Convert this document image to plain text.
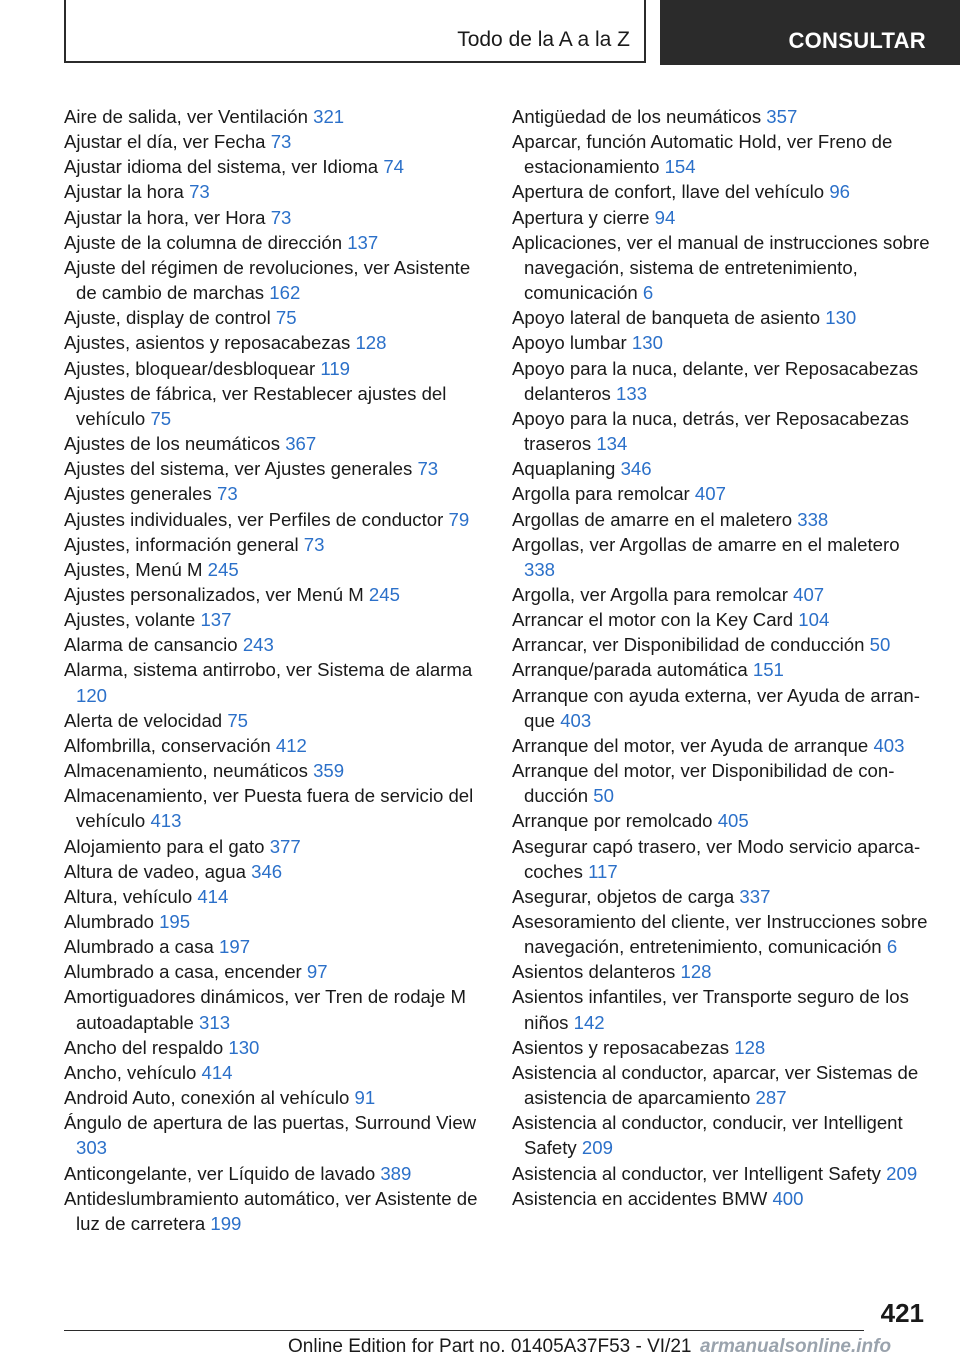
Todo de la A a la Z	CONSULTAR
Aire de salida, ver Ventilación 321
Ajustar el día, ver Fecha 73
Ajustar idioma del sistema, ver Idioma 74
Ajustar la hora 73
Ajustar la hora, ver Hora 73
Ajuste de la columna de dirección 137
Ajuste del régimen de revoluciones, ver Asistente de cambio de marchas 162
Ajuste, display de control 75
Ajustes, asientos y reposacabezas 128
Ajustes, bloquear/desbloquear 119
Ajustes de fábrica, ver Restablecer ajustes del vehículo 75
Ajustes de los neumáticos 367
Ajustes del sistema, ver Ajustes generales 73
Ajustes generales 73
Ajustes individuales, ver Perfiles de conductor 79
Ajustes, información general 73
Ajustes, Menú M 245
Ajustes personalizados, ver Menú M 245
Ajustes, volante 137
Alarma de cansancio 243
Alarma, sistema antirrobo, ver Sistema de alarma 120
Alerta de velocidad 75
Alfombrilla, conservación 412
Almacenamiento, neumáticos 359
Almacenamiento, ver Puesta fuera de servicio del vehículo 413
Alojamiento para el gato 377
Altura de vadeo, agua 346
Altura, vehículo 414
Alumbrado 195
Alumbrado a casa 197
Alumbrado a casa, encender 97
Amortiguadores dinámicos, ver Tren de rodaje M autoadaptable 313
Ancho del respaldo 130
Ancho, vehículo 414
Android Auto, conexión al vehículo 91
Ángulo de apertura de las puertas, Surround View 303
Anticongelante, ver Líquido de lavado 389
Antideslumbramiento automático, ver Asistente de luz de carretera 199
Antigüedad de los neumáticos 357
Aparcar, función Automatic Hold, ver Freno de estacionamiento 154
Apertura de confort, llave del vehículo 96
Apertura y cierre 94
Aplicaciones, ver el manual de instrucciones sobre navegación, sistema de entretenimiento, comunicación 6
Apoyo lateral de banqueta de asiento 130
Apoyo lumbar 130
Apoyo para la nuca, delante, ver Reposacabezas delanteros 133
Apoyo para la nuca, detrás, ver Reposacabezas traseros 134
Aquaplaning 346
Argolla para remolcar 407
Argollas de amarre en el maletero 338
Argollas, ver Argollas de amarre en el maletero 338
Argolla, ver Argolla para remolcar 407
Arrancar el motor con la Key Card 104
Arrancar, ver Disponibilidad de conducción 50
Arranque/parada automática 151
Arranque con ayuda externa, ver Ayuda de arranque 403
Arranque del motor, ver Ayuda de arranque 403
Arranque del motor, ver Disponibilidad de conducción 50
Arranque por remolcado 405
Asegurar capó trasero, ver Modo servicio aparcacoches 117
Asegurar, objetos de carga 337
Asesoramiento del cliente, ver Instrucciones sobre navegación, entretenimiento, comunicación 6
Asientos delanteros 128
Asientos infantiles, ver Transporte seguro de los niños 142
Asientos y reposacabezas 128
Asistencia al conductor, aparcar, ver Sistemas de asistencia de aparcamiento 287
Asistencia al conductor, conducir, ver Intelligent Safety 209
Asistencia al conductor, ver Intelligent Safety 209
Asistencia en accidentes BMW 400
421
Online Edition for Part no. 01405A37F53 - VI/21 armanualsonline.info
